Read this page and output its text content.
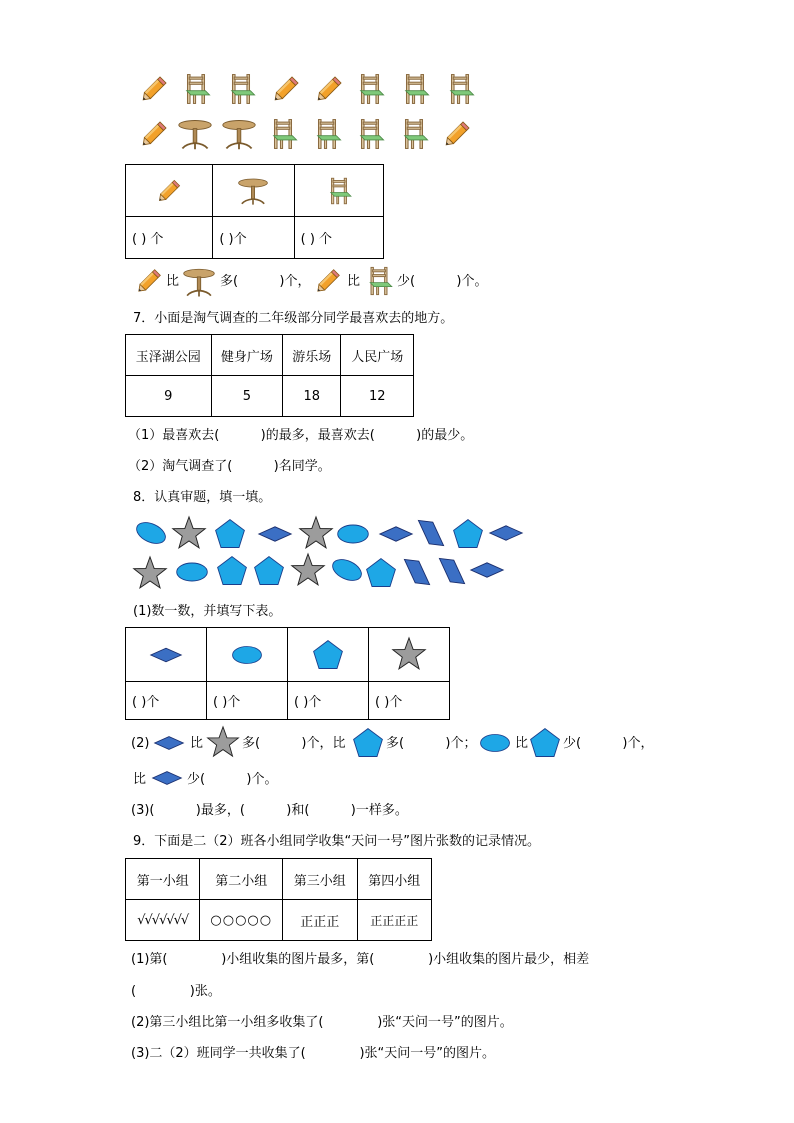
( ) 个	( )个	( ) 个
比	多(          )个，	比	少(          )个。
7．小面是淘气调查的二年级部分同学最喜欢去的地方。
玉泽湖公园	健身广场	游乐场	人民广场
9	5	18	12
（1）最喜欢去(          )的最多，最喜欢去(          )的最少。
（2）淘气调查了(          )名同学。
8．认真审题，填一填。
(1)数一数，并填写下表。

( )个	( )个	( )个	( )个
(2)	比	多(          )个，比	多(          )个；	比	少(          )个，
比	少(          )个。
(3)(          )最多，(          )和(          )一样多。
9．下面是二（2）班各小组同学收集“天问一号”图片张数的记录情况。
第一小组	第二小组	第三小组	第四小组
√√√√√√√	○○○○○	正正正	正正正正
(1)第(             )小组收集的图片最多，第(             )小组收集的图片最少，相差
(             )张。
(2)第三小组比第一小组多收集了(             )张“天问一号”的图片。
(3)二（2）班同学一共收集了(             )张“天问一号”的图片。
